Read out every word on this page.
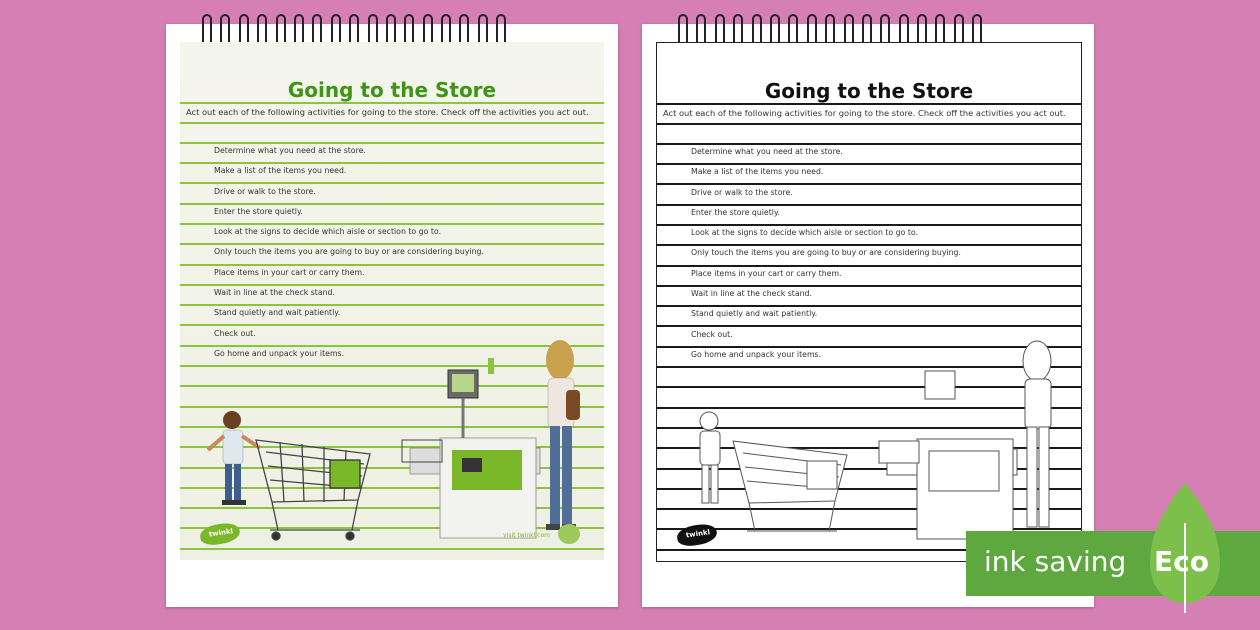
Going to the Store
Act out each of the following activities for going to the store. Check off the activities you act out.
Determine what you need at the store.
Make a list of the items you need.
Drive or walk to the store.
Enter the store quietly.
Look at the signs to decide which aisle or section to go to.
Only touch the items you are going to buy or are considering buying.
Place items in your cart or carry them.
Wait in line at the check stand.
Stand quietly and wait patiently.
Check out.
Go home and unpack your items.
twinkl	visit twinkl.com
Going to the Store
Act out each of the following activities for going to the store. Check off the activities you act out.
Determine what you need at the store.
Make a list of the items you need.
Drive or walk to the store.
Enter the store quietly.
Look at the signs to decide which aisle or section to go to.
Only touch the items you are going to buy or are considering buying.
Place items in your cart or carry them.
Wait in line at the check stand.
Stand quietly and wait patiently.
Check out.
Go home and unpack your items.
twinkl
ink saving Eco
